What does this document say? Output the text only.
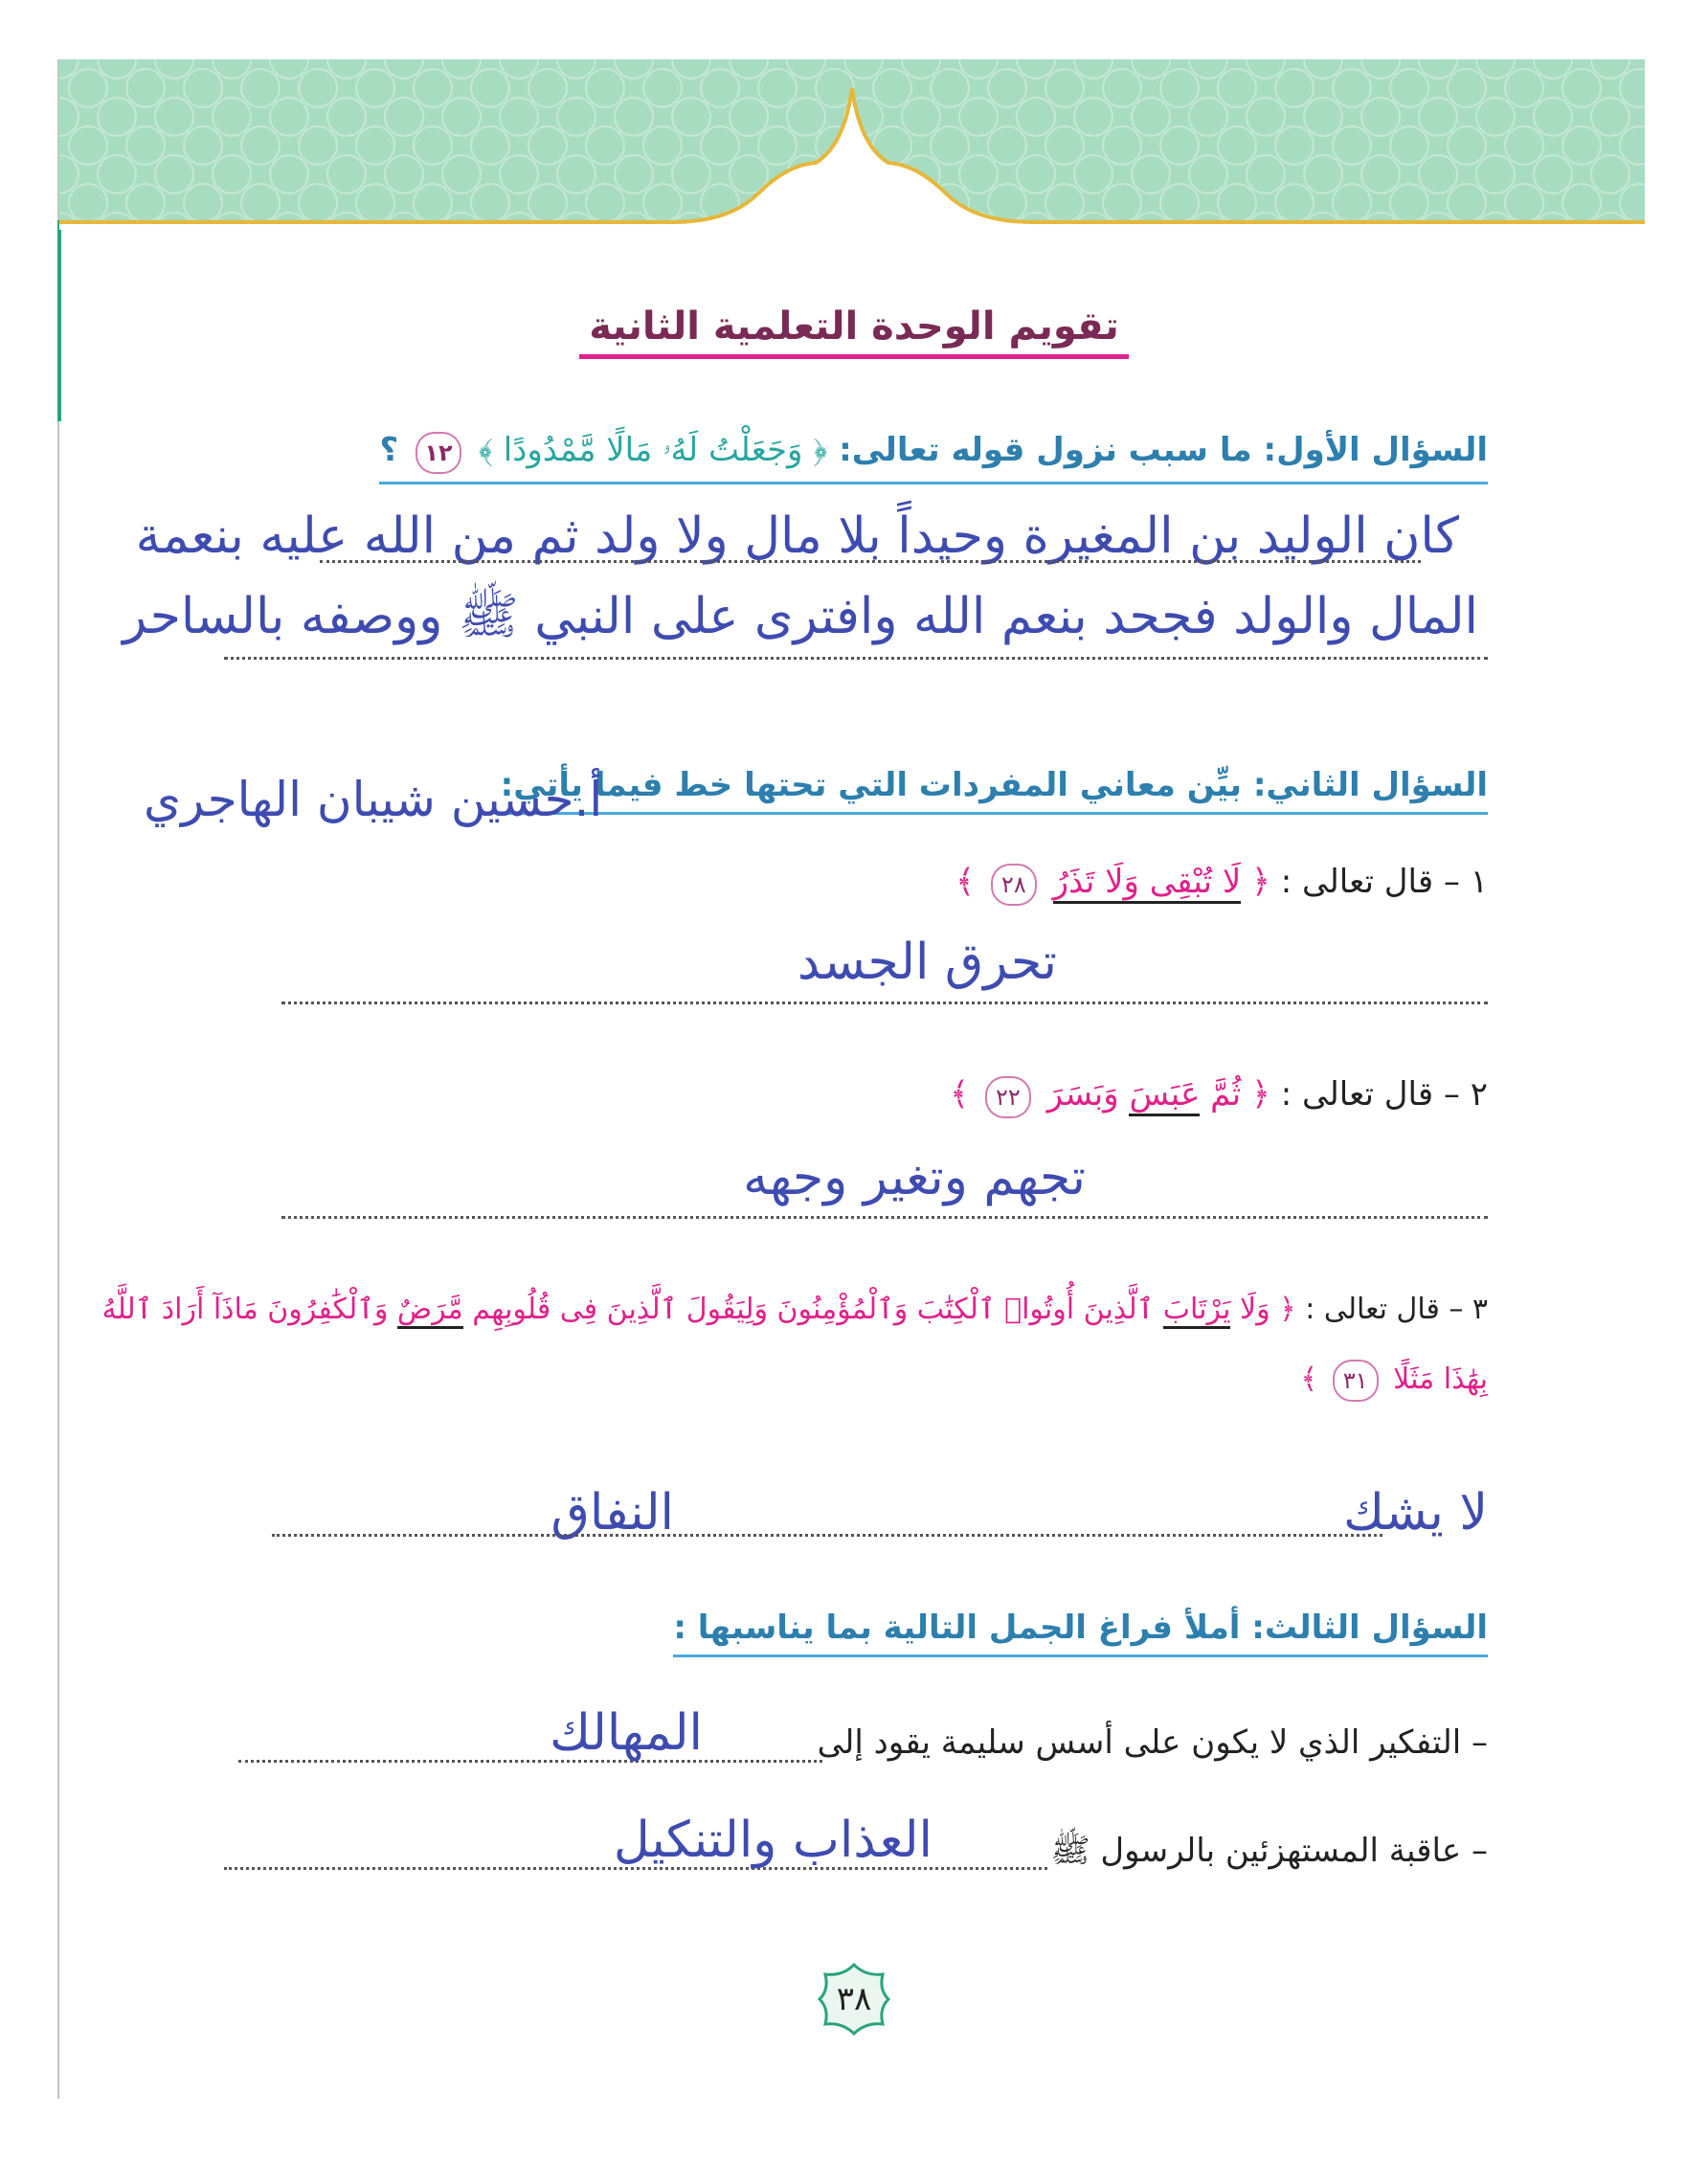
تقويم الوحدة التعلمية الثانية
السؤال الأول: ما سبب نزول قوله تعالى: ﴿ وَجَعَلْتُ لَهُۥ مَالًا مَّمْدُودًا ﴾ ١٢ ؟
كان الوليد بن المغيرة وحيداً بلا مال ولا ولد ثم من الله عليه بنعمة
المال والولد فجحد بنعم الله وافترى على النبي ﷺ ووصفه بالساحر
السؤال الثاني: بيِّن معاني المفردات التي تحتها خط فيما يأتي:
أ.حسين شيبان الهاجري
١ – قال تعالى : ﴿ لَا تُبْقِى وَلَا تَذَرُ ٢٨ ﴾
تحرق الجسد
٢ – قال تعالى : ﴿ ثُمَّ عَبَسَ وَبَسَرَ ٢٢ ﴾
تجهم وتغير وجهه
٣ – قال تعالى : ﴿ وَلَا يَرْتَابَ ٱلَّذِينَ أُوتُوا۟ ٱلْكِتَٰبَ وَٱلْمُؤْمِنُونَ وَلِيَقُولَ ٱلَّذِينَ فِى قُلُوبِهِم مَّرَضٌ وَٱلْكَٰفِرُونَ مَاذَآ أَرَادَ ٱللَّهُ
بِهَٰذَا مَثَلًا ٣١ ﴾
لا يشك
النفاق
السؤال الثالث: أملأ فراغ الجمل التالية بما يناسبها :
– التفكير الذي لا يكون على أسس سليمة يقود إلى
المهالك
– عاقبة المستهزئين بالرسول ﷺ
العذاب والتنكيل
٣٨
